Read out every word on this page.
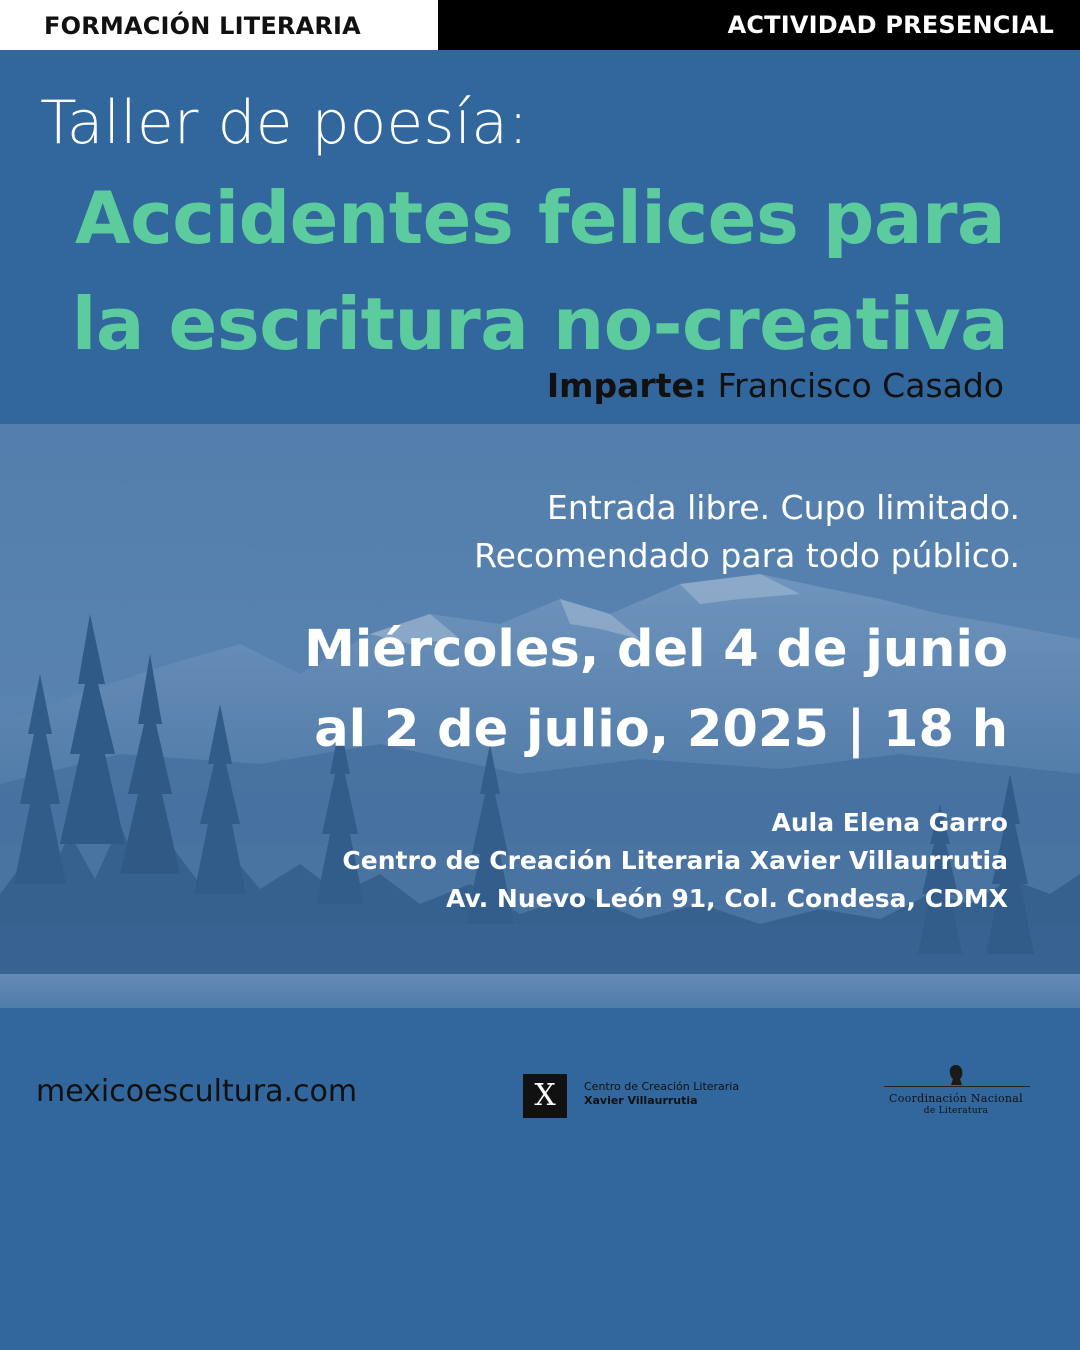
FORMACIÓN LITERARIA	ACTIVIDAD PRESENCIAL
Taller de poesía:
Accidentes felices para
la escritura no-creativa
Imparte: Francisco Casado
Entrada libre. Cupo limitado.
Recomendado para todo público.
Miércoles, del 4 de junio
al 2 de julio, 2025 | 18 h
Aula Elena Garro
Centro de Creación Literaria Xavier Villaurrutia
Av. Nuevo León 91, Col. Condesa, CDMX
mexicoescultura.com	X	Centro de Creación Literaria
Xavier Villaurrutia	Coordinación Nacional
de Literatura
